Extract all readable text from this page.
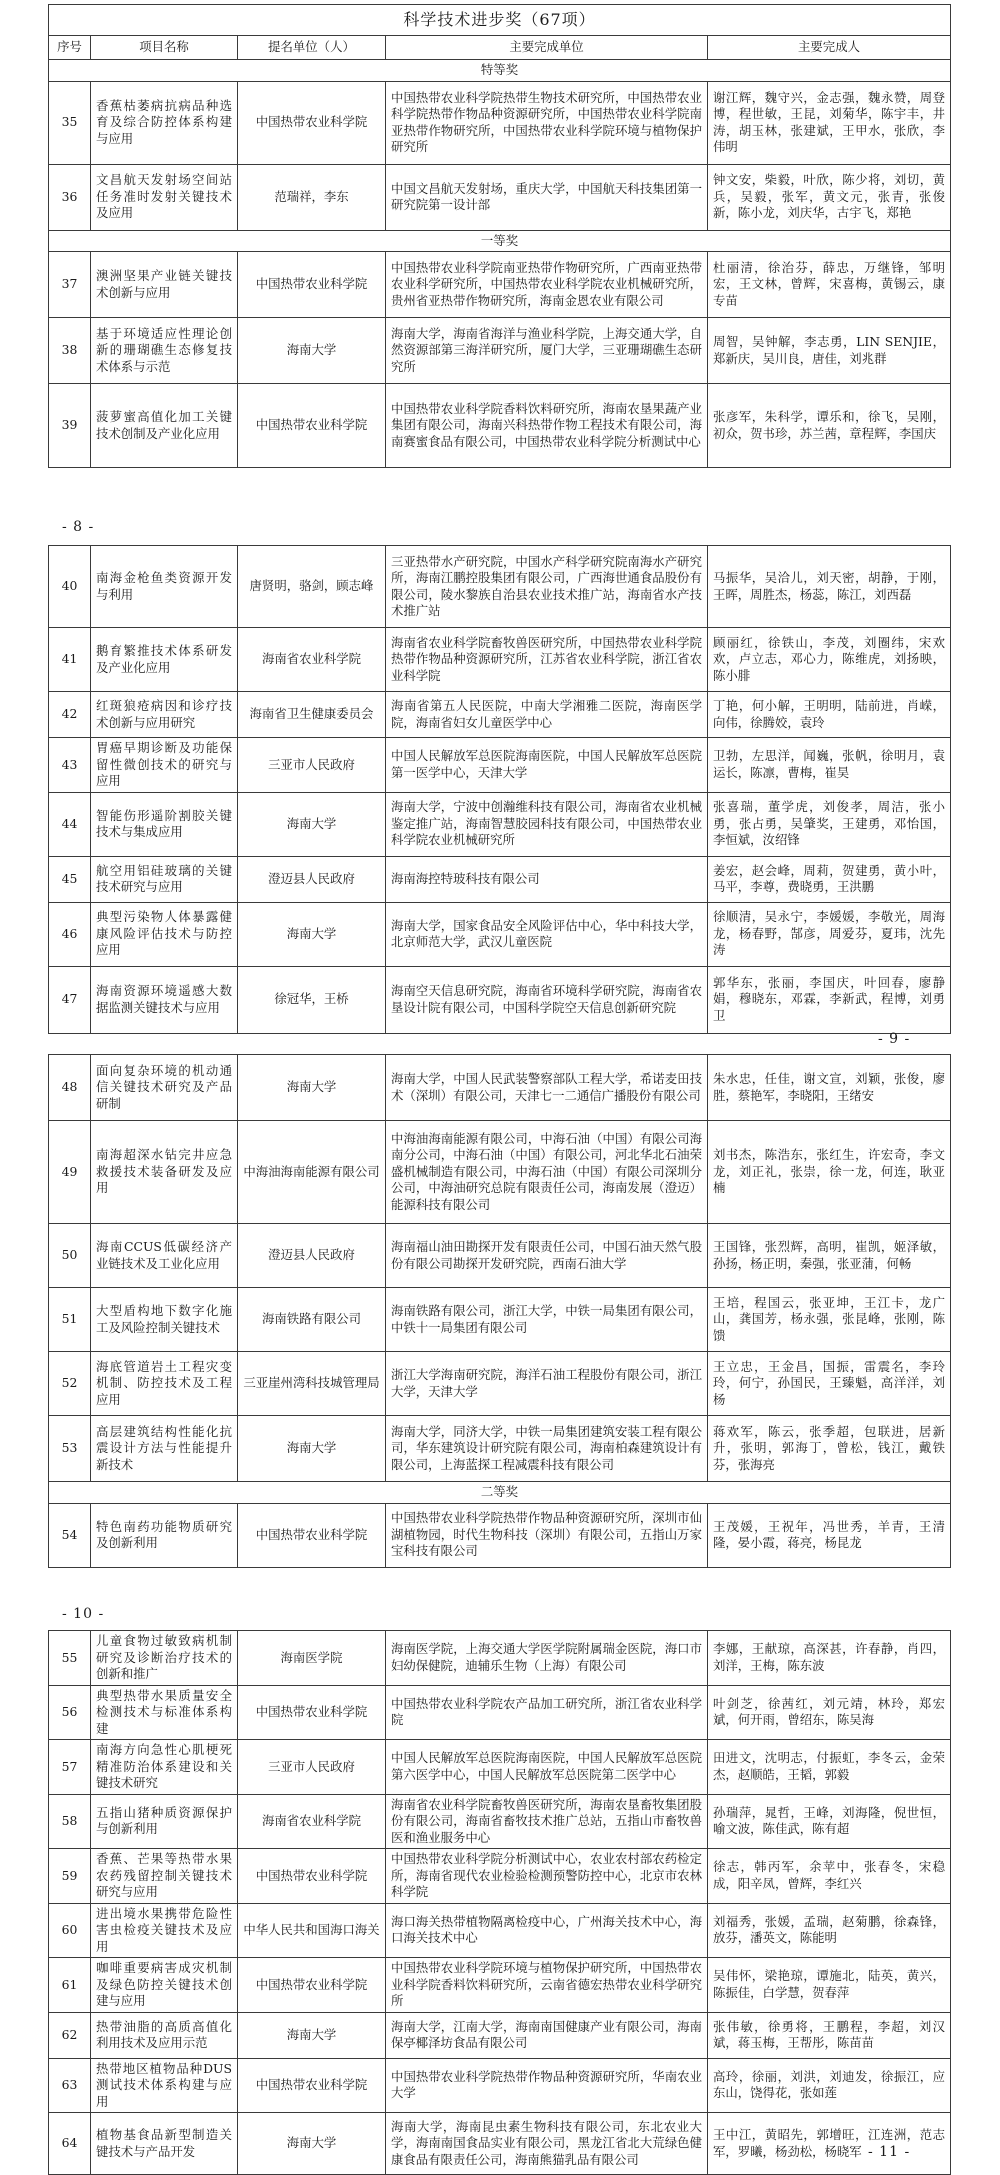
科学技术进步奖（67项）				
序号	项目名称	提名单位（人）	主要完成单位	主要完成人
特等奖				
35	香蕉枯萎病抗病品种选育及综合防控体系构建与应用	中国热带农业科学院	中国热带农业科学院热带生物技术研究所，中国热带农业科学院热带作物品种资源研究所，中国热带农业科学院南亚热带作物研究所，中国热带农业科学院环境与植物保护研究所	谢江辉，魏守兴，金志强，魏永赞，周登博，程世敏，王昆，刘菊华，陈宇丰，井涛，胡玉林，张建斌，王甲水，张欣，李伟明
36	文昌航天发射场空间站任务准时发射关键技术及应用	范瑞祥，李东	中国文昌航天发射场，重庆大学，中国航天科技集团第一研究院第一设计部	钟文安，柴毅，叶欣，陈少将，刘切，黄兵，吴毅，张军，黄文元，张青，张俊新，陈小龙，刘庆华，古宇飞，郑艳
一等奖				
37	澳洲坚果产业链关键技术创新与应用	中国热带农业科学院	中国热带农业科学院南亚热带作物研究所，广西南亚热带农业科学研究所，中国热带农业科学院农业机械研究所，贵州省亚热带作物研究所，海南金恩农业有限公司	杜丽清，徐治芬，薛忠，万继锋，邹明宏，王文林，曾辉，宋喜梅，黄锡云，康专苗
38	基于环境适应性理论创新的珊瑚礁生态修复技术体系与示范	海南大学	海南大学，海南省海洋与渔业科学院，上海交通大学，自然资源部第三海洋研究所，厦门大学，三亚珊瑚礁生态研究所	周智，吴钟解，李志勇，LIN SENJIE，郑新庆，吴川良，唐佳，刘兆群
39	菠萝蜜高值化加工关键技术创制及产业化应用	中国热带农业科学院	中国热带农业科学院香料饮料研究所，海南农垦果蔬产业集团有限公司，海南兴科热带作物工程技术有限公司，海南赛蜜食品有限公司，中国热带农业科学院分析测试中心	张彦军，朱科学，谭乐和，徐飞，吴刚，初众，贺书珍，苏兰茜，章程辉，李国庆
- 8 -
40	南海金枪鱼类资源开发与利用	唐贤明，骆剑，顾志峰	三亚热带水产研究院，中国水产科学研究院南海水产研究所，海南江鹏控股集团有限公司，广西海世通食品股份有限公司，陵水黎族自治县农业技术推广站，海南省水产技术推广站	马振华，吴洽儿，刘天密，胡静，于刚，王晖，周胜杰，杨蕊，陈江，刘西磊
41	鹅育繁推技术体系研发及产业化应用	海南省农业科学院	海南省农业科学院畜牧兽医研究所，中国热带农业科学院热带作物品种资源研究所，江苏省农业科学院，浙江省农业科学院	顾丽红，徐铁山，李茂，刘圈纬，宋欢欢，卢立志，邓心力，陈维虎，刘扬映，陈小腓
42	红斑狼疮病因和诊疗技术创新与应用研究	海南省卫生健康委员会	海南省第五人民医院，中南大学湘雅二医院，海南医学院，海南省妇女儿童医学中心	丁艳，何小解，王明明，陆前进，肖嵘，向伟，徐腾姣，袁玲
43	胃癌早期诊断及功能保留性微创技术的研究与应用	三亚市人民政府	中国人民解放军总医院海南医院，中国人民解放军总医院第一医学中心，天津大学	卫勃，左思洋，闻巍，张帆，徐明月，袁运长，陈凛，曹梅，崔昊
44	智能伤形遥阶割胶关键技术与集成应用	海南大学	海南大学，宁波中创瀚维科技有限公司，海南省农业机械鉴定推广站，海南智慧胶园科技有限公司，中国热带农业科学院农业机械研究所	张喜瑞，董学虎，刘俊孝，周洁，张小勇，张占勇，吴肇奖，王建勇，邓怡国，李恒斌，汝绍锋
45	航空用铝硅玻璃的关键技术研究与应用	澄迈县人民政府	海南海控特玻科技有限公司	姜宏，赵会峰，周莉，贺建勇，黄小叶，马平，李尊，费晓勇，王洪鹏
46	典型污染物人体暴露健康风险评估技术与防控应用	海南大学	海南大学，国家食品安全风险评估中心，华中科技大学，北京师范大学，武汉儿童医院	徐顺清，吴永宁，李媛媛，李敬光，周海龙，杨春野，郜彦，周爱芬，夏玮，沈先涛
47	海南资源环境遥感大数据监测关键技术与应用	徐冠华，王桥	海南空天信息研究院，海南省环境科学研究院，海南省农垦设计院有限公司，中国科学院空天信息创新研究院	郭华东，张丽，李国庆，叶回春，廖静娟，穆晓东，邓霖，李新武，程博，刘勇卫
- 9 -
48	面向复杂环境的机动通信关键技术研究及产品研制	海南大学	海南大学，中国人民武装警察部队工程大学，希诺麦田技术（深圳）有限公司，天津七一二通信广播股份有限公司	朱水忠，任佳，谢文宣，刘颖，张俊，廖胜，蔡艳军，李晓阳，王绪安
49	南海超深水钻完井应急救援技术装备研发及应用	中海油海南能源有限公司	中海油海南能源有限公司，中海石油（中国）有限公司海南分公司，中海石油（中国）有限公司，河北华北石油荣盛机械制造有限公司，中海石油（中国）有限公司深圳分公司，中海油研究总院有限责任公司，海南发展（澄迈）能源科技有限公司	刘书杰，陈浩东，张红生，许宏奇，李文龙，刘正礼，张崇，徐一龙，何连，耿亚楠
50	海南CCUS低碳经济产业链技术及工业化应用	澄迈县人民政府	海南福山油田勘探开发有限责任公司，中国石油天然气股份有限公司勘探开发研究院，西南石油大学	王国锋，张烈辉，高明，崔凯，姬泽敏，孙扬，杨正明，秦强，张亚蒲，何畅
51	大型盾构地下数字化施工及风险控制关键技术	海南铁路有限公司	海南铁路有限公司，浙江大学，中铁一局集团有限公司，中铁十一局集团有限公司	王培，程国云，张亚坤，王江卡，龙广山，龚国芳，杨永强，张昆峰，张刚，陈馈
52	海底管道岩土工程灾变机制、防控技术及工程应用	三亚崖州湾科技城管理局	浙江大学海南研究院，海洋石油工程股份有限公司，浙江大学，天津大学	王立忠，王金昌，国振，雷震名，李玲玲，何宁，孙国民，王臻魁，高洋洋，刘杨
53	高层建筑结构性能化抗震设计方法与性能提升新技术	海南大学	海南大学，同济大学，中铁一局集团建筑安装工程有限公司，华东建筑设计研究院有限公司，海南柏森建筑设计有限公司，上海蓝探工程减震科技有限公司	蒋欢军，陈云，张季超，包联进，居新升，张明，郭海丁，曾松，钱江，戴铁芬，张海亮
二等奖				
54	特色南药功能物质研究及创新利用	中国热带农业科学院	中国热带农业科学院热带作物品种资源研究所，深圳市仙湖植物园，时代生物科技（深圳）有限公司，五指山万家宝科技有限公司	王茂媛，王祝年，冯世秀，羊青，王清隆，晏小霞，蒋亮，杨昆龙
- 10 -
55	儿童食物过敏致病机制研究及诊断治疗技术的创新和推广	海南医学院	海南医学院，上海交通大学医学院附属瑞金医院，海口市妇幼保健院，迪辅乐生物（上海）有限公司	李娜，王献琼，高深甚，许春静，肖四，刘洋，王梅，陈东波
56	典型热带水果质量安全检测技术与标准体系构建	中国热带农业科学院	中国热带农业科学院农产品加工研究所，浙江省农业科学院	叶剑芝，徐茜红，刘元靖，林玲，郑宏斌，何开雨，曾绍东，陈吴海
57	南海方向急性心肌梗死精准防治体系建设和关键技术研究	三亚市人民政府	中国人民解放军总医院海南医院，中国人民解放军总医院第六医学中心，中国人民解放军总医院第二医学中心	田进文，沈明志，付振虹，李冬云，金荣杰，赵顺皓，王韬，郭毅
58	五指山猪种质资源保护与创新利用	海南省农业科学院	海南省农业科学院畜牧兽医研究所，海南农垦畜牧集团股份有限公司，海南省畜牧技术推广总站，五指山市畜牧兽医和渔业服务中心	孙瑞萍，晁哲，王峰，刘海隆，倪世恒，喻文波，陈佳武，陈有超
59	香蕉、芒果等热带水果农药残留控制关键技术研究与应用	中国热带农业科学院	中国热带农业科学院分析测试中心，农业农村部农药检定所，海南省现代农业检验检测预警防控中心，北京市农林科学院	徐志，韩丙军，余苹中，张春冬，宋稳成，阳辛凤，曾辉，李红兴
60	进出境水果携带危险性害虫检疫关键技术及应用	中华人民共和国海口海关	海口海关热带植物隔离检疫中心，广州海关技术中心，海口海关技术中心	刘福秀，张媛，孟瑞，赵菊鹏，徐森锋，放芬，潘英文，陈能明
61	咖啡重要病害成灾机制及绿色防控关键技术创建与应用	中国热带农业科学院	中国热带农业科学院环境与植物保护研究所，中国热带农业科学院香料饮料研究所，云南省德宏热带农业科学研究所	吴伟怀，梁艳琼，谭施北，陆英，黄兴，陈振佳，白学慧，贺春萍
62	热带油脂的高质高值化利用技术及应用示范	海南大学	海南大学，江南大学，海南南国健康产业有限公司，海南保亭椰泽坊食品有限公司	张伟敏，徐勇将，王鹏程，李超，刘汉斌，蒋玉梅，王帮彤，陈苗苗
63	热带地区植物品种DUS测试技术体系构建与应用	中国热带农业科学院	中国热带农业科学院热带作物品种资源研究所，华南农业大学	高玲，徐丽，刘洪，刘迪发，徐振江，应东山，饶得花，张如莲
64	植物基食品新型制造关键技术与产品开发	海南大学	海南大学，海南昆虫素生物科技有限公司，东北农业大学，海南南国食品实业有限公司，黑龙江省北大荒绿色健康食品有限责任公司，海南熊猫乳品有限公司	王中江，黄昭先，郭增旺，江连洲，范志军，罗曦，杨劲松，杨晓军 - 11 -
